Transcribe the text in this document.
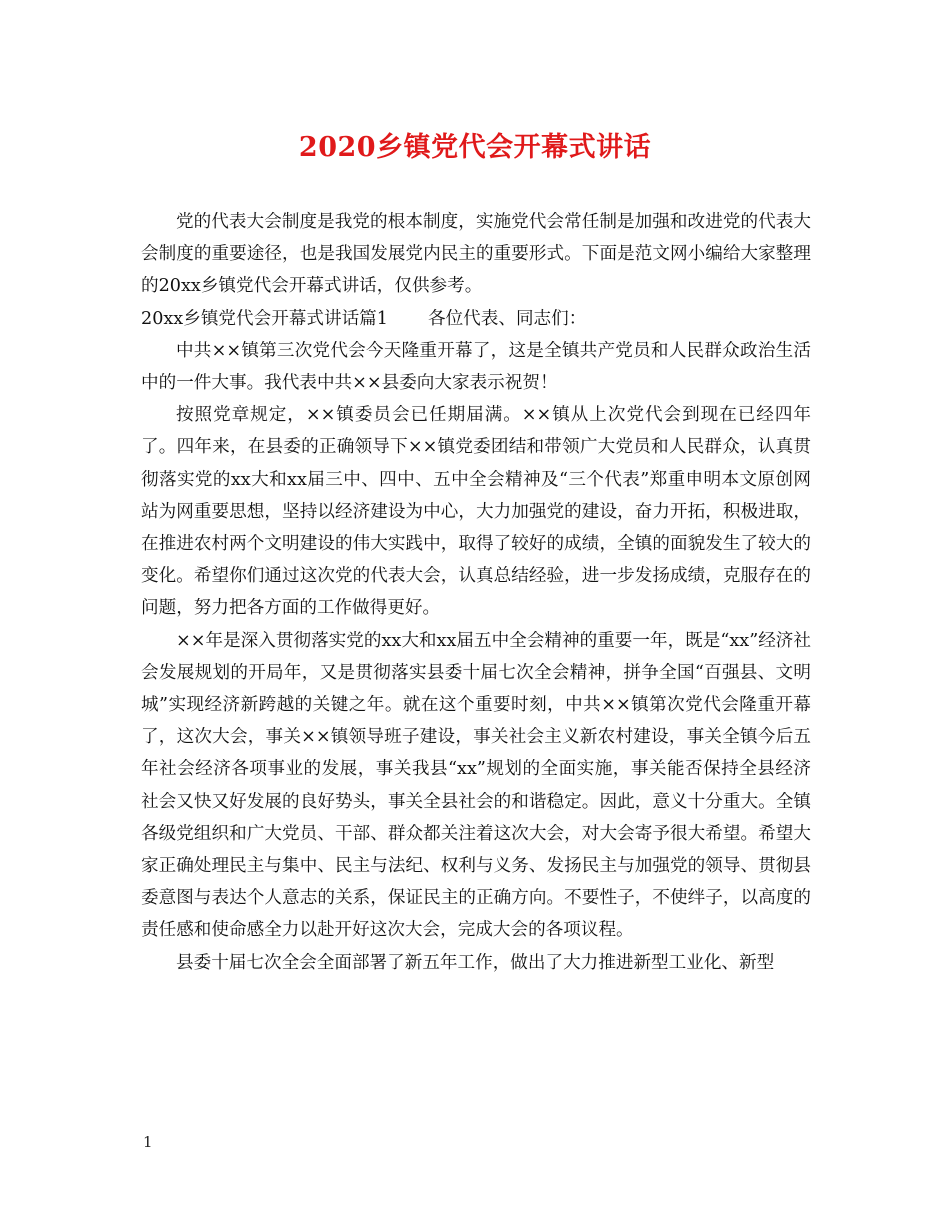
2020乡镇党代会开幕式讲话

党的代表大会制度是我党的根本制度，实施党代会常任制是加强和改进党的代表大会制度的重要途径，也是我国发展党内民主的重要形式。下面是范文网小编给大家整理的20xx乡镇党代会开幕式讲话，仅供参考。

20xx乡镇党代会开幕式讲话篇1 各位代表、同志们：

中共××镇第三次党代会今天隆重开幕了，这是全镇共产党员和人民群众政治生活中的一件大事。我代表中共××县委向大家表示祝贺！

按照党章规定，××镇委员会已任期届满。××镇从上次党代会到现在已经四年了。四年来，在县委的正确领导下××镇党委团结和带领广大党员和人民群众，认真贯彻落实党的xx大和xx届三中、四中、五中全会精神及“三个代表”郑重申明本文原创网站为网重要思想，坚持以经济建设为中心，大力加强党的建设，奋力开拓，积极进取，在推进农村两个文明建设的伟大实践中，取得了较好的成绩，全镇的面貌发生了较大的变化。希望你们通过这次党的代表大会，认真总结经验，进一步发扬成绩，克服存在的问题，努力把各方面的工作做得更好。

××年是深入贯彻落实党的xx大和xx届五中全会精神的重要一年，既是“xx”经济社会发展规划的开局年，又是贯彻落实县委十届七次全会精神，拼争全国“百强县、文明城”实现经济新跨越的关键之年。就在这个重要时刻，中共××镇第次党代会隆重开幕了，这次大会，事关××镇领导班子建设，事关社会主义新农村建设，事关全镇今后五年社会经济各项事业的发展，事关我县“xx”规划的全面实施，事关能否保持全县经济社会又快又好发展的良好势头，事关全县社会的和谐稳定。因此，意义十分重大。全镇各级党组织和广大党员、干部、群众都关注着这次大会，对大会寄予很大希望。希望大家正确处理民主与集中、民主与法纪、权利与义务、发扬民主与加强党的领导、贯彻县委意图与表达个人意志的关系，保证民主的正确方向。不要性子，不使绊子，以高度的责任感和使命感全力以赴开好这次大会，完成大会的各项议程。

县委十届七次全会全面部署了新五年工作，做出了大力推进新型工业化、新型

1
